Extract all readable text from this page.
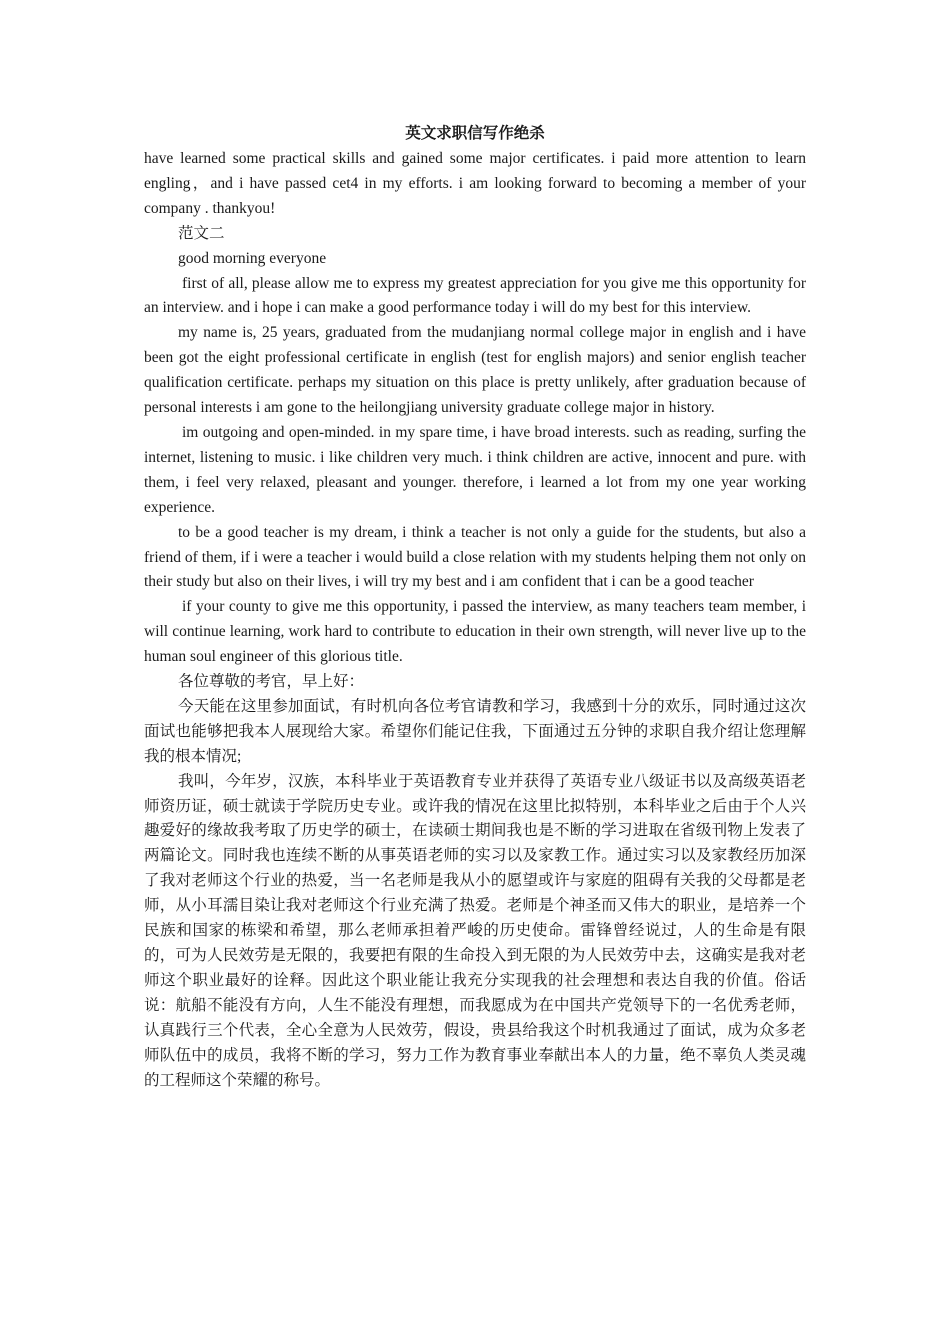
英文求职信写作绝杀

have learned some practical skills and gained some major certificates. i paid more attention to learn engling，and i have passed cet4 in my efforts. i am looking forward to becoming a member of your company . thankyou!

范文二

good morning everyone

first of all, please allow me to express my greatest appreciation for you give me this opportunity for an interview. and i hope i can make a good performance today i will do my best for this interview.

my name is, 25 years, graduated from the mudanjiang normal college major in english and i have been got the eight professional certificate in english (test for english majors) and senior english teacher qualification certificate. perhaps my situation on this place is pretty unlikely, after graduation because of personal interests i am gone to the heilongjiang university graduate college major in history.

im outgoing and open-minded. in my spare time, i have broad interests. such as reading, surfing the internet, listening to music. i like children very much. i think children are active, innocent and pure. with them, i feel very relaxed, pleasant and younger. therefore, i learned a lot from my one year working experience.

to be a good teacher is my dream, i think a teacher is not only a guide for the students, but also a friend of them, if i were a teacher i would build a close relation with my students helping them not only on their study but also on their lives, i will try my best and i am confident that i can be a good teacher

if your county to give me this opportunity, i passed the interview, as many teachers team member, i will continue learning, work hard to contribute to education in their own strength, will never live up to the human soul engineer of this glorious title.

各位尊敬的考官，早上好：

今天能在这里参加面试，有时机向各位考官请教和学习，我感到十分的欢乐，同时通过这次面试也能够把我本人展现给大家。希望你们能记住我，下面通过五分钟的求职自我介绍让您理解我的根本情况;

我叫，今年岁，汉族，本科毕业于英语教育专业并获得了英语专业八级证书以及高级英语老师资历证，硕士就读于学院历史专业。或许我的情况在这里比拟特别，本科毕业之后由于个人兴趣爱好的缘故我考取了历史学的硕士，在读硕士期间我也是不断的学习进取在省级刊物上发表了两篇论文。同时我也连续不断的从事英语老师的实习以及家教工作。通过实习以及家教经历加深了我对老师这个行业的热爱，当一名老师是我从小的愿望或许与家庭的阻碍有关我的父母都是老师，从小耳濡目染让我对老师这个行业充满了热爱。老师是个神圣而又伟大的职业，是培养一个民族和国家的栋梁和希望，那么老师承担着严峻的历史使命。雷锋曾经说过，人的生命是有限的，可为人民效劳是无限的，我要把有限的生命投入到无限的为人民效劳中去，这确实是我对老师这个职业最好的诠释。因此这个职业能让我充分实现我的社会理想和表达自我的价值。俗话说：航船不能没有方向，人生不能没有理想，而我愿成为在中国共产党领导下的一名优秀老师，认真践行三个代表，全心全意为人民效劳，假设，贵县给我这个时机我通过了面试，成为众多老师队伍中的成员，我将不断的学习，努力工作为教育事业奉献出本人的力量，绝不辜负人类灵魂的工程师这个荣耀的称号。
